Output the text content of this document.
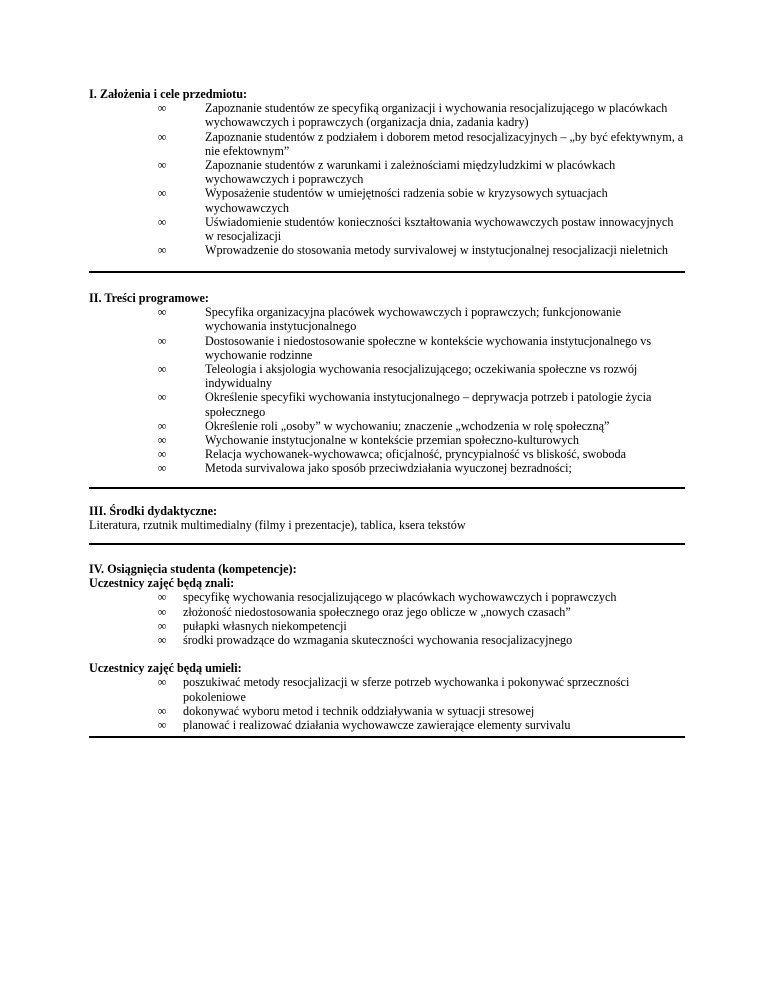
I. Założenia i cele przedmiotu:
∞	Zapoznanie studentów ze specyfiką organizacji i wychowania resocjalizującego w placówkach wychowawczych i poprawczych (organizacja dnia, zadania kadry)
∞	Zapoznanie studentów z podziałem i doborem metod resocjalizacyjnych – „by być efektywnym, a nie efektownym”
∞	Zapoznanie studentów z warunkami i zależnościami międzyludzkimi w placówkach wychowawczych i poprawczych
∞	Wyposażenie studentów w umiejętności radzenia sobie w kryzysowych sytuacjach wychowawczych
∞	Uświadomienie studentów konieczności kształtowania wychowawczych postaw innowacyjnych w resocjalizacji
∞	Wprowadzenie do stosowania metody survivalowej w instytucjonalnej resocjalizacji nieletnich
II. Treści programowe:
∞	Specyfika organizacyjna placówek wychowawczych i poprawczych; funkcjonowanie wychowania instytucjonalnego
∞	Dostosowanie i niedostosowanie społeczne w kontekście wychowania instytucjonalnego vs wychowanie rodzinne
∞	Teleologia i aksjologia wychowania resocjalizującego; oczekiwania społeczne vs rozwój indywidualny
∞	Określenie specyfiki wychowania instytucjonalnego – deprywacja potrzeb i patologie życia społecznego
∞	Określenie roli „osoby” w wychowaniu; znaczenie „wchodzenia w rolę społeczną”
∞	Wychowanie instytucjonalne w kontekście przemian społeczno-kulturowych
∞	Relacja wychowanek-wychowawca; oficjalność, pryncypialność vs bliskość, swoboda
∞	Metoda survivalowa jako sposób przeciwdziałania wyuczonej bezradności;
III. Środki dydaktyczne:
Literatura, rzutnik multimedialny (filmy i prezentacje), tablica, ksera tekstów
IV. Osiągnięcia studenta (kompetencje):
Uczestnicy zajęć będą znali:
∞ specyfikę wychowania resocjalizującego w placówkach wychowawczych i poprawczych
∞ złożoność niedostosowania społecznego oraz jego oblicze w „nowych czasach”
∞ pułapki własnych niekompetencji
∞ środki prowadzące do wzmagania skuteczności wychowania resocjalizacyjnego
Uczestnicy zajęć będą umieli:
∞ poszukiwać metody resocjalizacji w sferze potrzeb wychowanka i pokonywać sprzeczności pokoleniowe
∞ dokonywać wyboru metod i technik oddziaływania w sytuacji stresowej
∞ planować i realizować działania wychowawcze zawierające elementy survivalu
